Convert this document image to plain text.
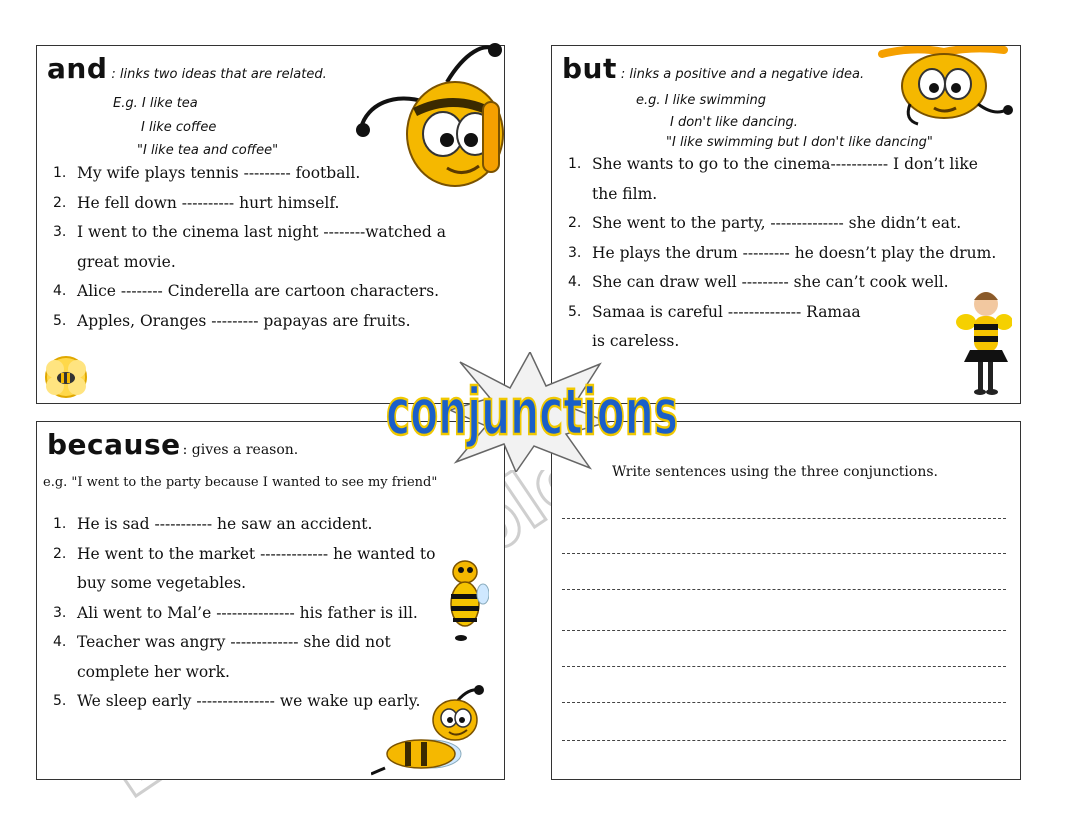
and : links two ideas that are related.
E.g. I like tea
I like coffee
"I like tea and coffee"
1. My wife plays tennis --------- football.
2. He fell down ---------- hurt himself.
3. I went to the cinema last night --------watched a great movie.
4. Alice -------- Cinderella are cartoon characters.
5. Apples, Oranges --------- papayas are fruits.
but : links a positive and a negative idea.
e.g. I like swimming
I don't like dancing.
"I like swimming but I don't like dancing"
1. She wants to go to the cinema----------- I don’t like the film.
2. She went to the party, -------------- she didn’t eat.
3. He plays the drum --------- he doesn’t play the drum.
4. She can draw well --------- she can’t cook well.
5. Samaa is careful -------------- Ramaa is careless.
because : gives a reason.
e.g. "I went to the party because I wanted to see my friend"
1. He is sad ----------- he saw an accident.
2. He went to the market ------------- he wanted to buy some vegetables.
3. Ali went to Mal’e --------------- his father is ill.
4. Teacher was angry ------------- she did not complete her work.
5. We sleep early --------------- we wake up early.
Write sentences using the three conjunctions.
conjunctions
